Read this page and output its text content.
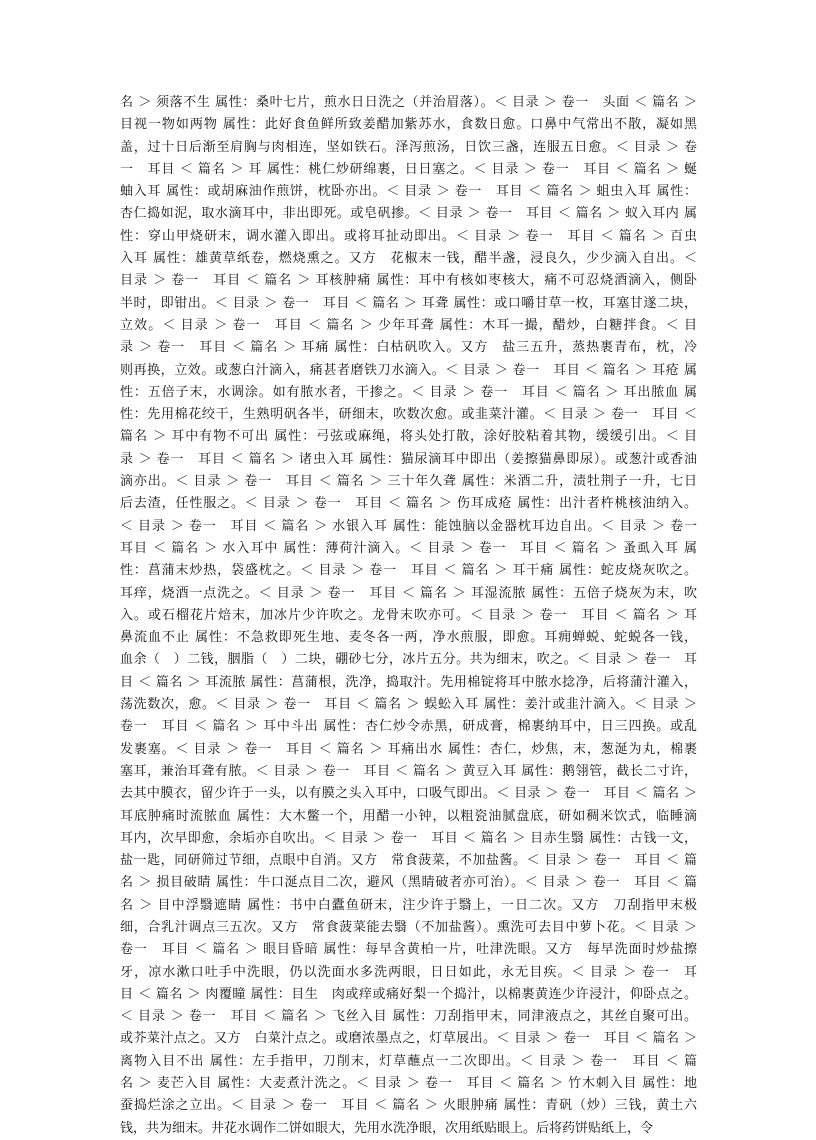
名 ＞ 须落不生 属性：桑叶七片，煎水日日洗之（并治眉落）。＜ 目录 ＞ 卷一　头面 ＜ 篇名 ＞
目视一物如两物 属性：此好食鱼鲜所致姜醋加紫苏水，食数日愈。口鼻中气常出不散，凝如黑
盖，过十日后渐至肩胸与肉相连，坚如铁石。泽泻煎汤，日饮三盏，连服五日愈。＜ 目录 ＞ 卷
一　耳目 ＜ 篇名 ＞ 耳 属性：桃仁炒研绵裹，日日塞之。＜ 目录 ＞ 卷一　耳目 ＜ 篇名 ＞ 蜒
蚰入耳 属性：或胡麻油作煎饼，枕卧亦出。＜ 目录 ＞ 卷一　耳目 ＜ 篇名 ＞ 蛆虫入耳 属性：
杏仁捣如泥，取水滴耳中，非出即死。或皂矾掺。＜ 目录 ＞ 卷一　耳目 ＜ 篇名 ＞ 蚁入耳内 属
性：穿山甲烧研末，调水灌入即出。或将耳扯动即出。＜ 目录 ＞ 卷一　耳目 ＜ 篇名 ＞ 百虫
入耳 属性：雄黄草纸卷，燃烧熏之。又方　花椒末一钱，醋半盏，浸良久，少少滴入自出。＜
目录 ＞ 卷一　耳目 ＜ 篇名 ＞ 耳核肿痛 属性：耳中有核如枣核大，痛不可忍烧酒滴入，侧卧
半时，即钳出。＜ 目录 ＞ 卷一　耳目 ＜ 篇名 ＞ 耳聋 属性：或口嚼甘草一枚，耳塞甘遂二块，
立效。＜ 目录 ＞ 卷一　耳目 ＜ 篇名 ＞ 少年耳聋 属性：木耳一撮，醋炒，白糖拌食。＜ 目
录 ＞ 卷一　耳目 ＜ 篇名 ＞ 耳痛 属性：白枯矾吹入。又方　盐三五升，蒸热裹青布，枕，冷
则再换，立效。或葱白汁滴入，痛甚者磨铁刀水滴入。＜ 目录 ＞ 卷一　耳目 ＜ 篇名 ＞ 耳疮 属
性：五倍子末，水调涂。如有脓水者，干掺之。＜ 目录 ＞ 卷一　耳目 ＜ 篇名 ＞ 耳出脓血 属
性：先用棉花绞干，生熟明矾各半，研细末，吹数次愈。或韭菜汁灌。＜ 目录 ＞ 卷一　耳目 ＜
篇名 ＞ 耳中有物不可出 属性：弓弦或麻绳，将头处打散，涂好胶粘着其物，缓缓引出。＜ 目
录 ＞ 卷一　耳目 ＜ 篇名 ＞ 诸虫入耳 属性：猫尿滴耳中即出（姜擦猫鼻即尿）。或葱汁或香油
滴亦出。＜ 目录 ＞ 卷一　耳目 ＜ 篇名 ＞ 三十年久聋 属性：米酒二升，渍牡荆子一升，七日
后去渣，任性服之。＜ 目录 ＞ 卷一　耳目 ＜ 篇名 ＞ 伤耳成疮 属性：出汁者杵桃核油纳入。
＜ 目录 ＞ 卷一　耳目 ＜ 篇名 ＞ 水银入耳 属性：能蚀脑以金器枕耳边自出。＜ 目录 ＞ 卷一
耳目 ＜ 篇名 ＞ 水入耳中 属性：薄荷汁滴入。＜ 目录 ＞ 卷一　耳目 ＜ 篇名 ＞ 蚤虱入耳 属
性：菖蒲末炒热，袋盛枕之。＜ 目录 ＞ 卷一　耳目 ＜ 篇名 ＞ 耳干痛 属性：蛇皮烧灰吹之。
耳痒，烧酒一点洗之。＜ 目录 ＞ 卷一　耳目 ＜ 篇名 ＞ 耳湿流脓 属性：五倍子烧灰为末，吹
入。或石榴花片焙末，加冰片少许吹之。龙骨末吹亦可。＜ 目录 ＞ 卷一　耳目 ＜ 篇名 ＞ 耳
鼻流血不止 属性：不急救即死生地、麦冬各一两，净水煎服，即愈。耳痈蝉蜕、蛇蜕各一钱，
血余（　）二钱，胭脂（　）二块，硼砂七分，冰片五分。共为细末，吹之。＜ 目录 ＞ 卷一　耳
目 ＜ 篇名 ＞ 耳流脓 属性：菖蒲根，洗净，捣取汁。先用棉锭将耳中脓水捻净，后将蒲汁灌入，
荡洗数次，愈。＜ 目录 ＞ 卷一　耳目 ＜ 篇名 ＞ 蜈蚣入耳 属性：姜汁或韭汁滴入。＜ 目录 ＞
卷一　耳目 ＜ 篇名 ＞ 耳中斗出 属性：杏仁炒令赤黑，研成膏，棉裹纳耳中，日三四换。或乱
发裹塞。＜ 目录 ＞ 卷一　耳目 ＜ 篇名 ＞ 耳痛出水 属性：杏仁，炒焦，末，葱涎为丸，棉裹
塞耳，兼治耳聋有脓。＜ 目录 ＞ 卷一　耳目 ＜ 篇名 ＞ 黄豆入耳 属性：鹅翎管，截长二寸许，
去其中膜衣，留少许于一头，以有膜之头入耳中，口吸气即出。＜ 目录 ＞ 卷一　耳目 ＜ 篇名 ＞
耳底肿痛时流脓血 属性：大木鳖一个，用醋一小钟，以粗瓷油腻盘底，研如稠米饮式，临睡滴
耳内，次早即愈，余垢亦自吹出。＜ 目录 ＞ 卷一　耳目 ＜ 篇名 ＞ 目赤生翳 属性：古钱一文，
盐一匙，同研筛过节细，点眼中自消。又方　常食菠菜，不加盐酱。＜ 目录 ＞ 卷一　耳目 ＜ 篇
名 ＞ 损目破睛 属性：牛口涎点目二次，避风（黑睛破者亦可治）。＜ 目录 ＞ 卷一　耳目 ＜ 篇
名 ＞ 目中浮翳遮睛 属性：书中白蠹鱼研末，注少许于翳上，一日二次。又方　刀刮指甲末极
细，合乳汁调点三五次。又方　常食菠菜能去翳（不加盐酱）。熏洗可去目中萝卜花。＜ 目录 ＞
卷一　耳目 ＜ 篇名 ＞ 眼目昏暗 属性：每早含黄柏一片，吐津洗眼。又方　每早洗面时炒盐擦
牙，凉水漱口吐手中洗眼，仍以洗面水多洗两眼，日日如此，永无目疾。＜ 目录 ＞ 卷一　耳
目 ＜ 篇名 ＞ 肉覆瞳 属性：目生　肉或痒或痛好梨一个捣汁，以棉裹黄连少许浸汁，仰卧点之。
＜ 目录 ＞ 卷一　耳目 ＜ 篇名 ＞ 飞丝入目 属性：刀刮指甲末，同津液点之，其丝自聚可出。
或芥菜汁点之。又方　白菜汁点之。或磨浓墨点之，灯草展出。＜ 目录 ＞ 卷一　耳目 ＜ 篇名 ＞
离物入目不出 属性：左手指甲，刀削末，灯草蘸点一二次即出。＜ 目录 ＞ 卷一　耳目 ＜ 篇
名 ＞ 麦芒入目 属性：大麦煮汁洗之。＜ 目录 ＞ 卷一　耳目 ＜ 篇名 ＞ 竹木刺入目 属性：地
蚕捣烂涂之立出。＜ 目录 ＞ 卷一　耳目 ＜ 篇名 ＞ 火眼肿痛 属性：青矾（炒）三钱，黄土六
钱，共为细末。井花水调作二饼如眼大，先用水洗净眼，次用纸贴眼上。后将药饼贴纸上，令
